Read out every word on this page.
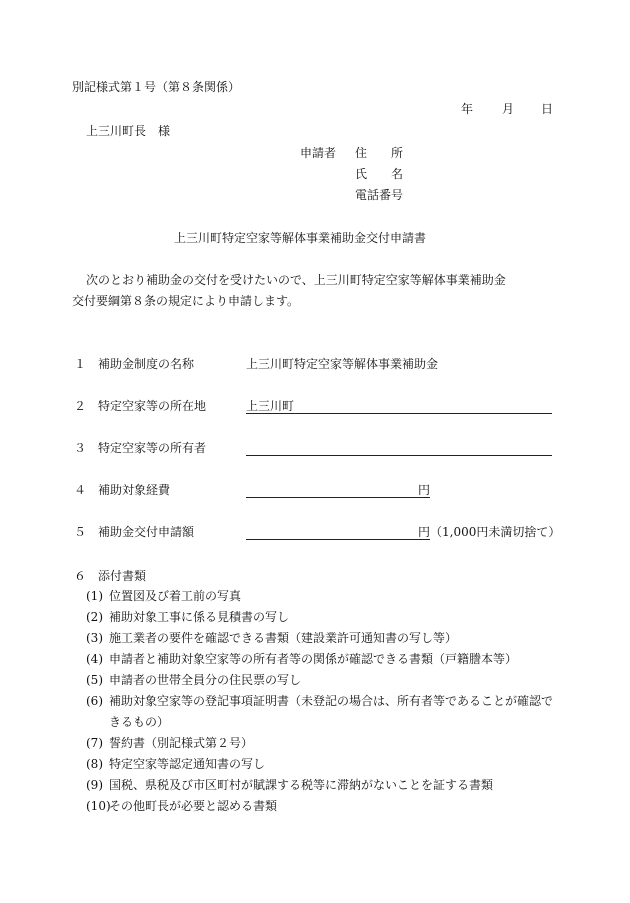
別記様式第１号（第８条関係）
年 月 日
上三川町長　様
申請者 住　　所
氏　　名
電話番号
上三川町特定空家等解体事業補助金交付申請書
次のとおり補助金の交付を受けたいので、上三川町特定空家等解体事業補助金
交付要綱第８条の規定により申請します。
１ 補助金制度の名称	上三川町特定空家等解体事業補助金
２ 特定空家等の所在地	上三川町
３ 特定空家等の所有者
４ 補助対象経費	円
５ 補助金交付申請額	円 （1,000円未満切捨て）
６ 添付書類
(1) 位置図及び着工前の写真
(2) 補助対象工事に係る見積書の写し
(3) 施工業者の要件を確認できる書類（建設業許可通知書の写し等）
(4) 申請者と補助対象空家等の所有者等の関係が確認できる書類（戸籍謄本等）
(5) 申請者の世帯全員分の住民票の写し
(6) 補助対象空家等の登記事項証明書（未登記の場合は、所有者等であることが確認で
きるもの）
(7) 誓約書（別記様式第２号）
(8) 特定空家等認定通知書の写し
(9) 国税、県税及び市区町村が賦課する税等に滞納がないことを証する書類
(10)
その他町長が必要と認める書類
